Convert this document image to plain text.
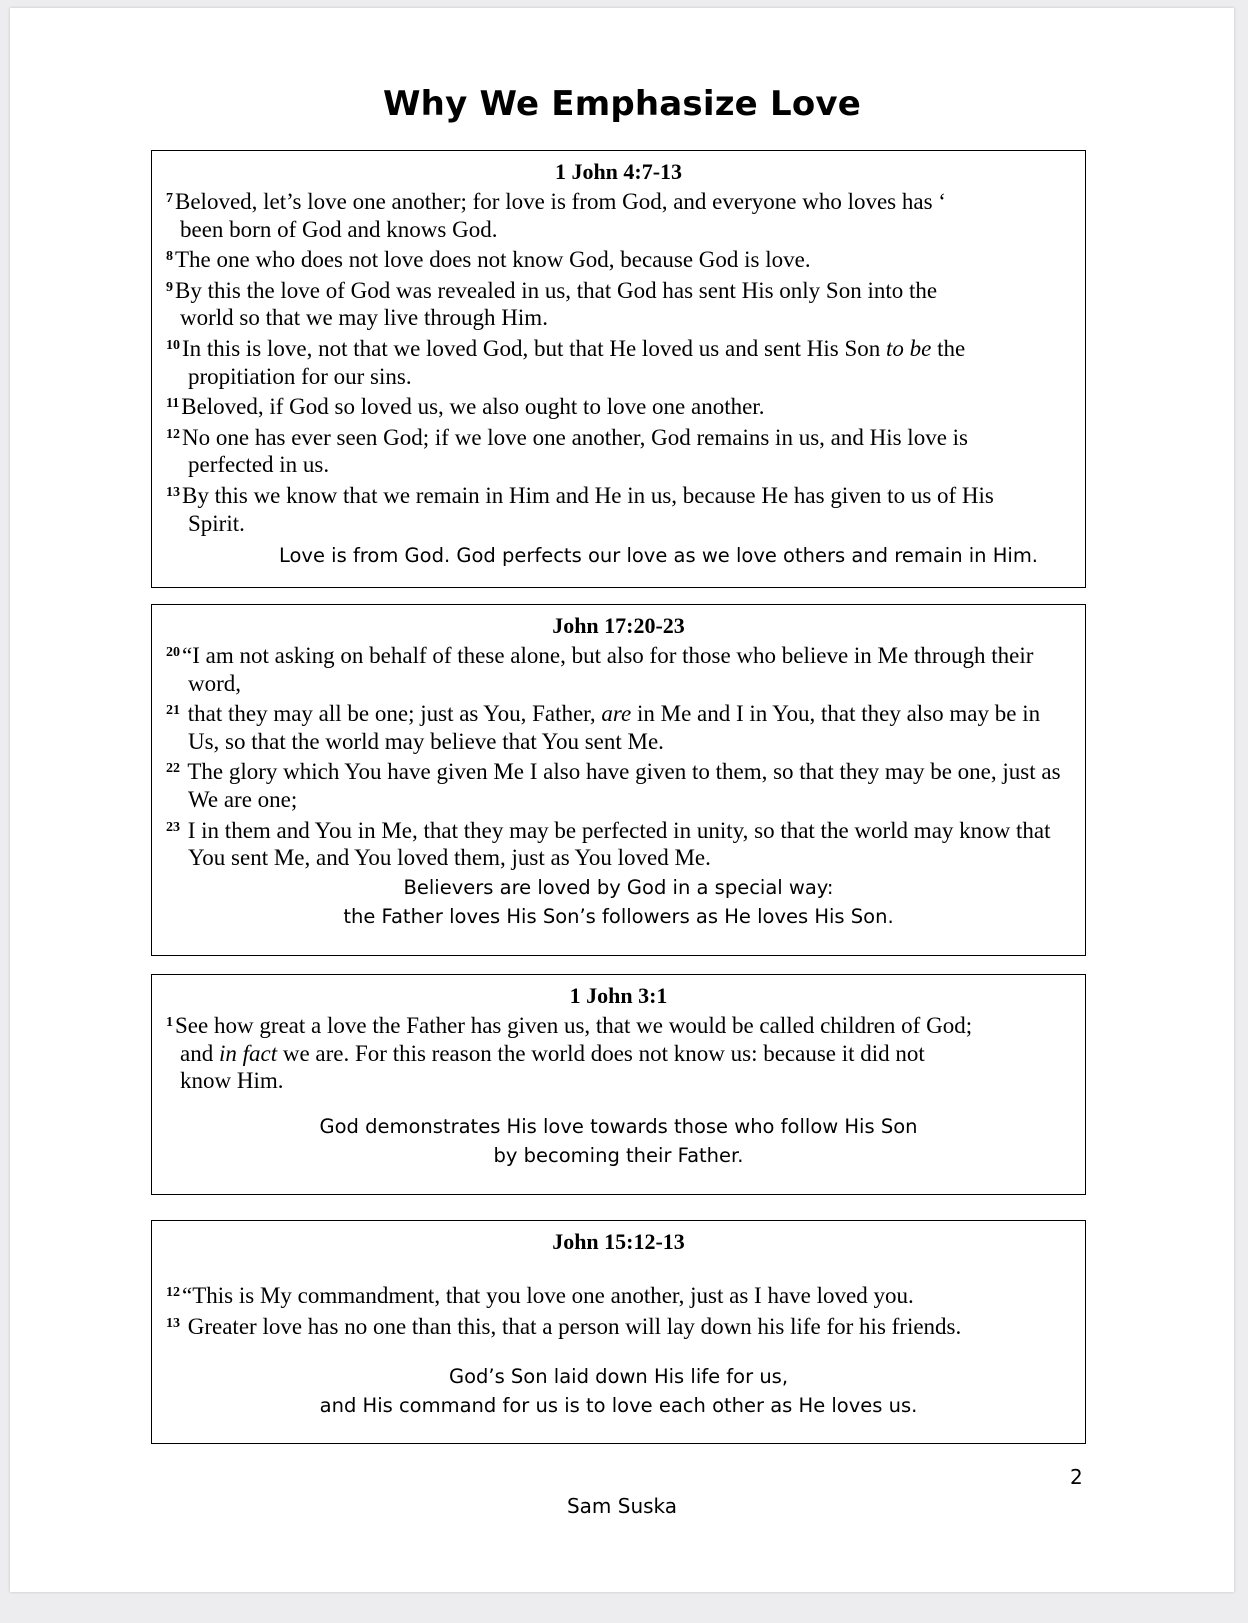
Why We Emphasize Love
1 John 4:7-13
$^7$Beloved, let’s love one another; for love is from God, and everyone who loves has ‘ been born of God and knows God.
$^8$The one who does not love does not know God, because God is love.
$^9$By this the love of God was revealed in us, that God has sent His only Son into the world so that we may live through Him.
$^{10}$In this is love, not that we loved God, but that He loved us and sent His Son to be the propitiation for our sins.
$^{11}$Beloved, if God so loved us, we also ought to love one another.
$^{12}$No one has ever seen God; if we love one another, God remains in us, and His love is perfected in us.
$^{13}$By this we know that we remain in Him and He in us, because He has given to us of His Spirit.
Love is from God. God perfects our love as we love others and remain in Him.
John 17:20-23
$^{20}$“I am not asking on behalf of these alone, but also for those who believe in Me through their word,
$^{21}$ that they may all be one; just as You, Father, are in Me and I in You, that they also may be in Us, so that the world may believe that You sent Me.
$^{22}$ The glory which You have given Me I also have given to them, so that they may be one, just as We are one;
$^{23}$ I in them and You in Me, that they may be perfected in unity, so that the world may know that You sent Me, and You loved them, just as You loved Me.
Believers are loved by God in a special way:
the Father loves His Son’s followers as He loves His Son.
1 John 3:1
$^1$See how great a love the Father has given us, that we would be called children of God; and in fact we are. For this reason the world does not know us: because it did not know Him.
God demonstrates His love towards those who follow His Son
by becoming their Father.
John 15:12-13
$^{12}$“This is My commandment, that you love one another, just as I have loved you.
$^{13}$ Greater love has no one than this, that a person will lay down his life for his friends.
God’s Son laid down His life for us,
and His command for us is to love each other as He loves us.
2
Sam Suska
